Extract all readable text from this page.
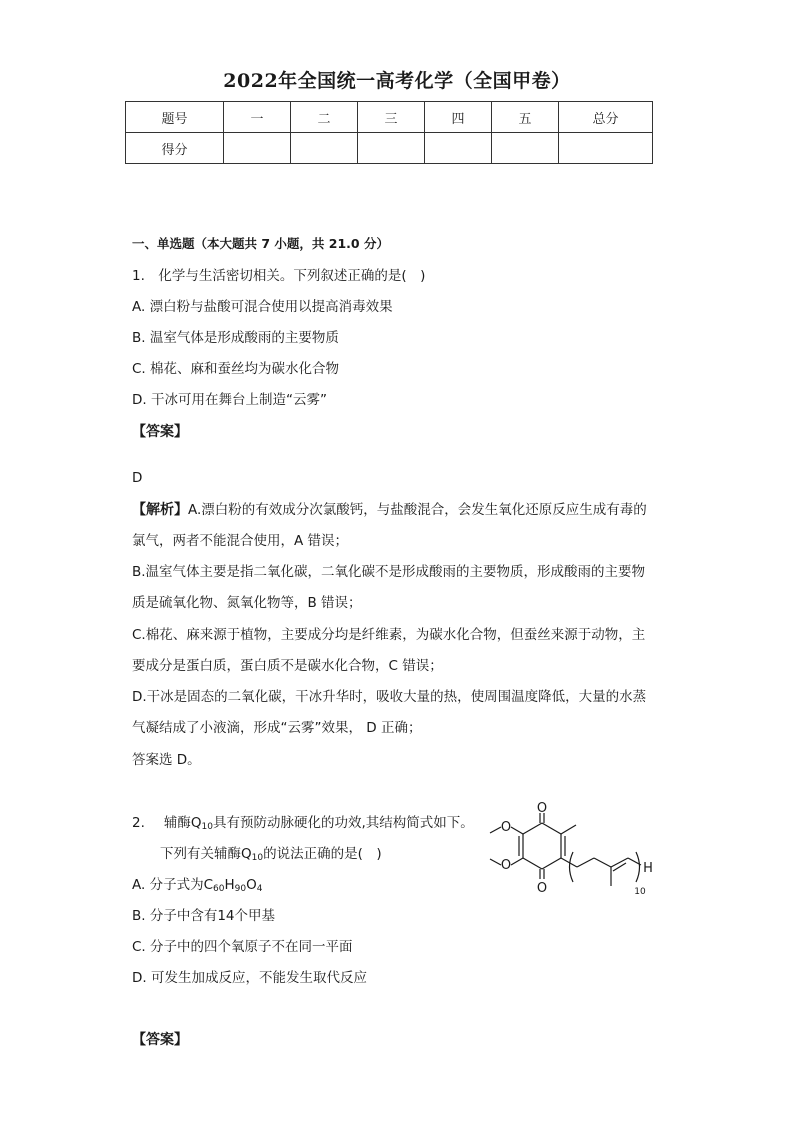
2022年全国统一高考化学（全国甲卷）
题号	一	二	三	四	五	总分
得分						
一、单选题（本大题共 7 小题，共 21.0 分）
1.　化学与生活密切相关。下列叙述正确的是(　)
A. 漂白粉与盐酸可混合使用以提高消毒效果
B. 温室气体是形成酸雨的主要物质
C. 棉花、麻和蚕丝均为碳水化合物
D. 干冰可用在舞台上制造“云雾”
【答案】
D
【解析】A.漂白粉的有效成分次氯酸钙，与盐酸混合，会发生氧化还原反应生成有毒的
氯气，两者不能混合使用，A 错误；
B.温室气体主要是指二氧化碳，二氧化碳不是形成酸雨的主要物质，形成酸雨的主要物
质是硫氧化物、氮氧化物等，B 错误；
C.棉花、麻来源于植物，主要成分均是纤维素，为碳水化合物，但蚕丝来源于动物，主
要成分是蛋白质，蛋白质不是碳水化合物，C 错误；
D.干冰是固态的二氧化碳，干冰升华时，吸收大量的热，使周围温度降低，大量的水蒸
气凝结成了小液滴，形成“云雾”效果， D 正确；
答案选 D。
2. 辅酶$Q_{10}$具有预防动脉硬化的功效,其结构简式如下。
下列有关辅酶$Q_{10}$的说法正确的是(　)
A. 分子式为$C_{60}H_{90}O_4$
B. 分子中含有14个甲基
C. 分子中的四个氧原子不在同一平面
D. 可发生加成反应，不能发生取代反应
【答案】
O
O
O
O	H
10
